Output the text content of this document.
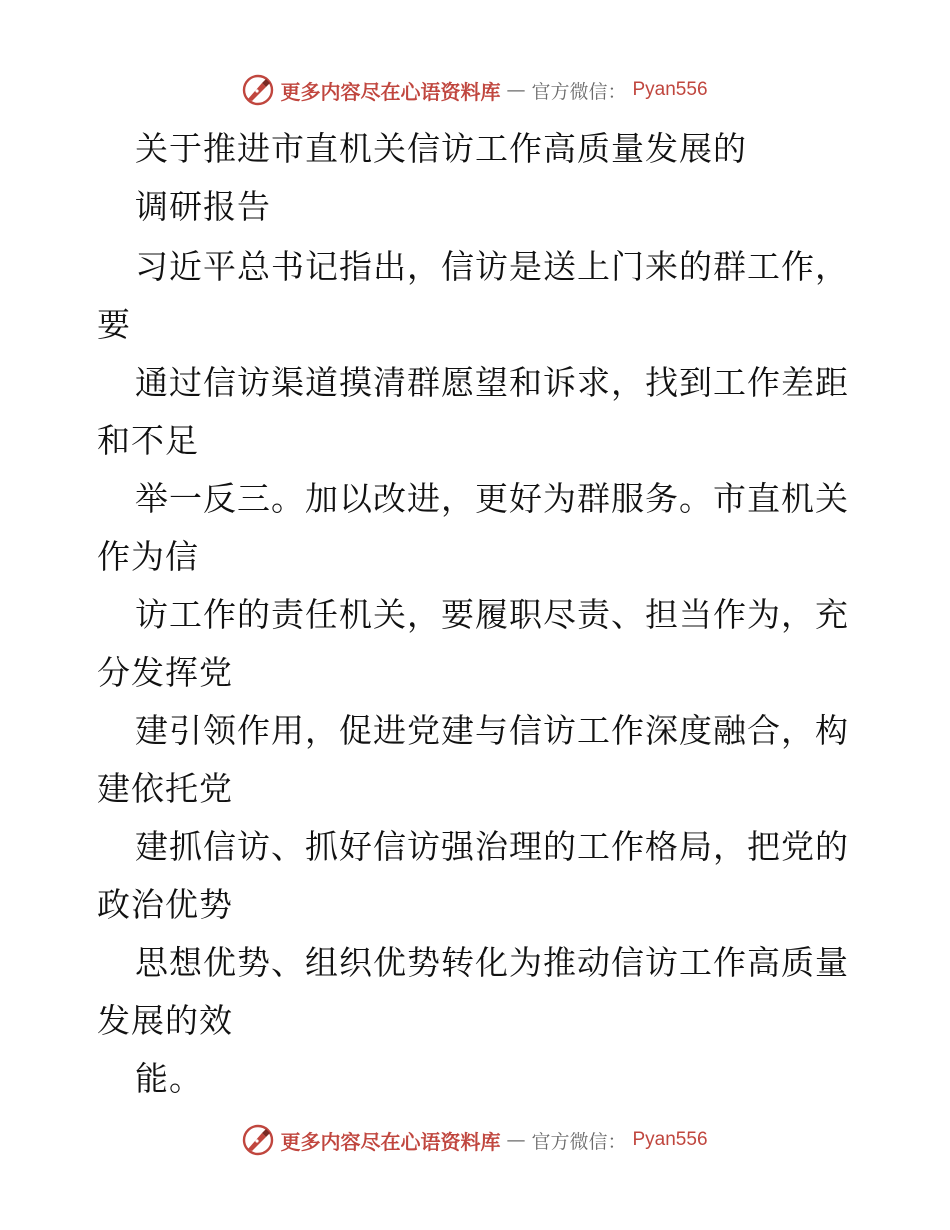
更多内容尽在心语资料库 — 官方微信： Pyan556
关于推进市直机关信访工作高质量发展的
调研报告
习近平总书记指出，信访是送上门来的群工作，
要
通过信访渠道摸清群愿望和诉求，找到工作差距
和不足
举一反三。加以改进，更好为群服务。市直机关
作为信
访工作的责任机关，要履职尽责、担当作为，充
分发挥党
建引领作用，促进党建与信访工作深度融合，构
建依托党
建抓信访、抓好信访强治理的工作格局，把党的
政治优势
思想优势、组织优势转化为推动信访工作高质量
发展的效
能。
更多内容尽在心语资料库 — 官方微信： Pyan556
